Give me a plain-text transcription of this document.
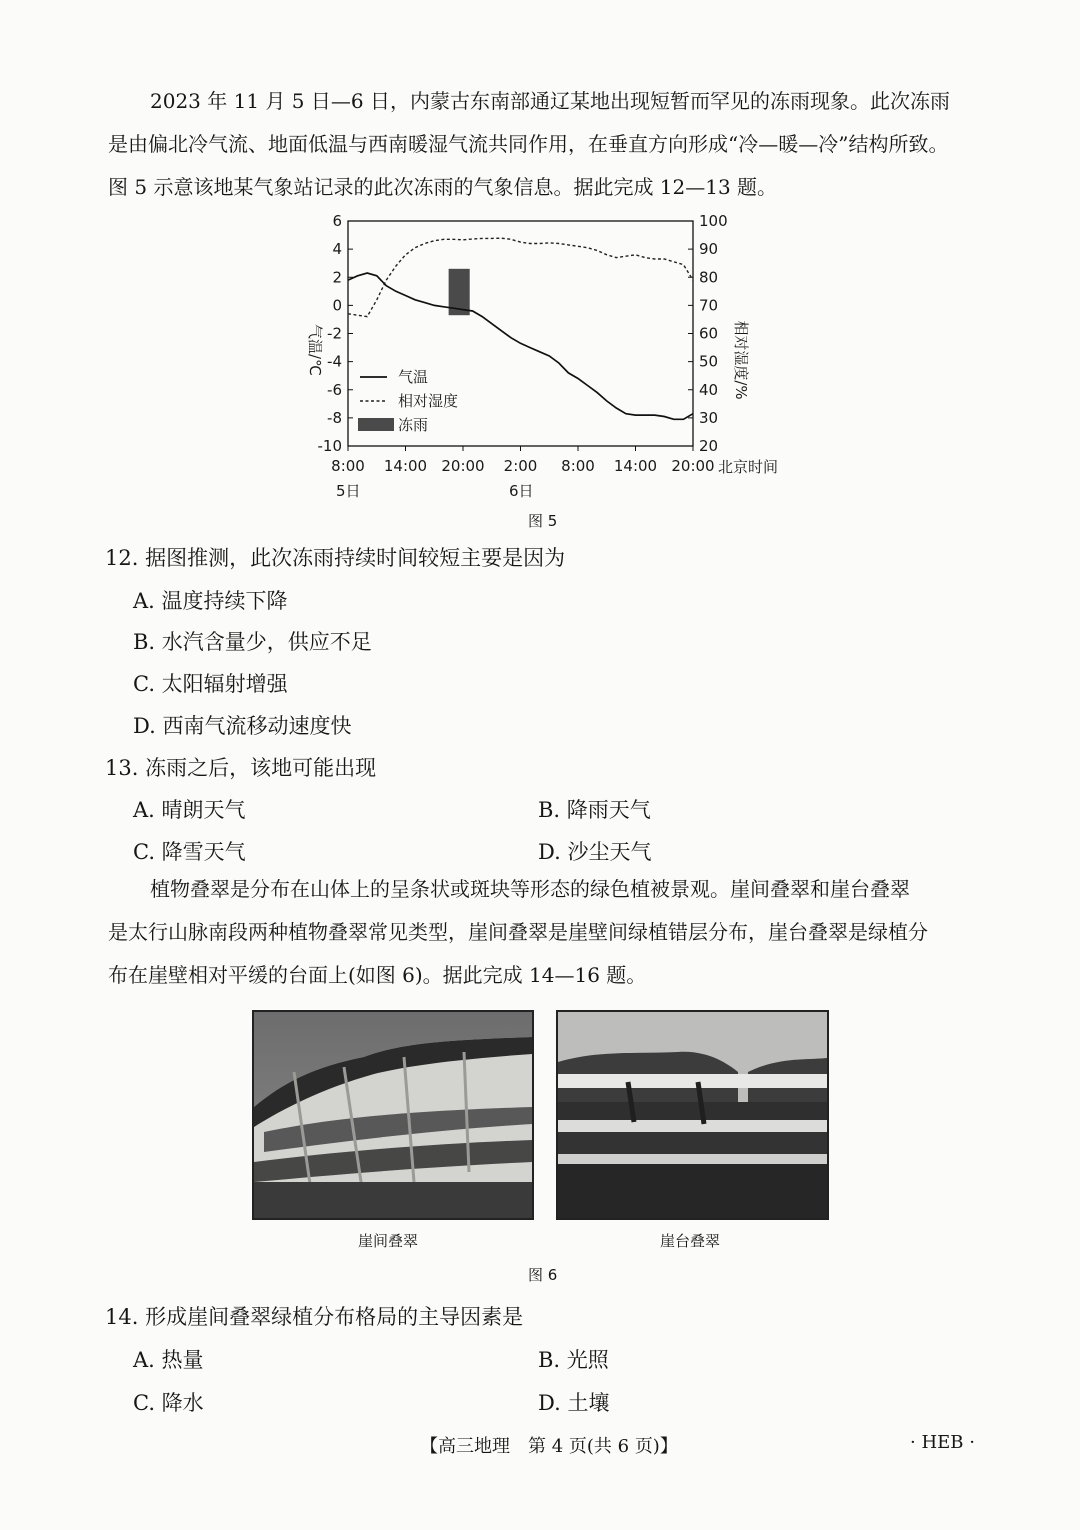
2023 年 11 月 5 日—6 日，内蒙古东南部通辽某地出现短暂而罕见的冻雨现象。此次冻雨

是由偏北冷气流、地面低温与西南暖湿气流共同作用，在垂直方向形成“冷—暖—冷”结构所致。

图 5 示意该地某气象站记录的此次冻雨的气象信息。据此完成 12—13 题。

6
4
2
0
-2
-4
-6
-8
-10
100
90
80
70
60
50
40
30
20
8:00 14:00 20:00 2:00 8:00 14:00 20:00
气温/℃	相对湿度/%
北京时间
5日	6日
气温
相对湿度
冻雨
图 5
12. 据图推测，此次冻雨持续时间较短主要是因为
A. 温度持续下降
B. 水汽含量少，供应不足
C. 太阳辐射增强
D. 西南气流移动速度快
13. 冻雨之后，该地可能出现
A. 晴朗天气	B. 降雨天气
C. 降雪天气	D. 沙尘天气

植物叠翠是分布在山体上的呈条状或斑块等形态的绿色植被景观。崖间叠翠和崖台叠翠

是太行山脉南段两种植物叠翠常见类型，崖间叠翠是崖壁间绿植错层分布，崖台叠翠是绿植分

布在崖壁相对平缓的台面上(如图 6)。据此完成 14—16 题。

崖间叠翠	崖台叠翠
图 6
14. 形成崖间叠翠绿植分布格局的主导因素是
A. 热量	B. 光照
C. 降水	D. 土壤
【高三地理　第 4 页(共 6 页)】	· HEB ·
